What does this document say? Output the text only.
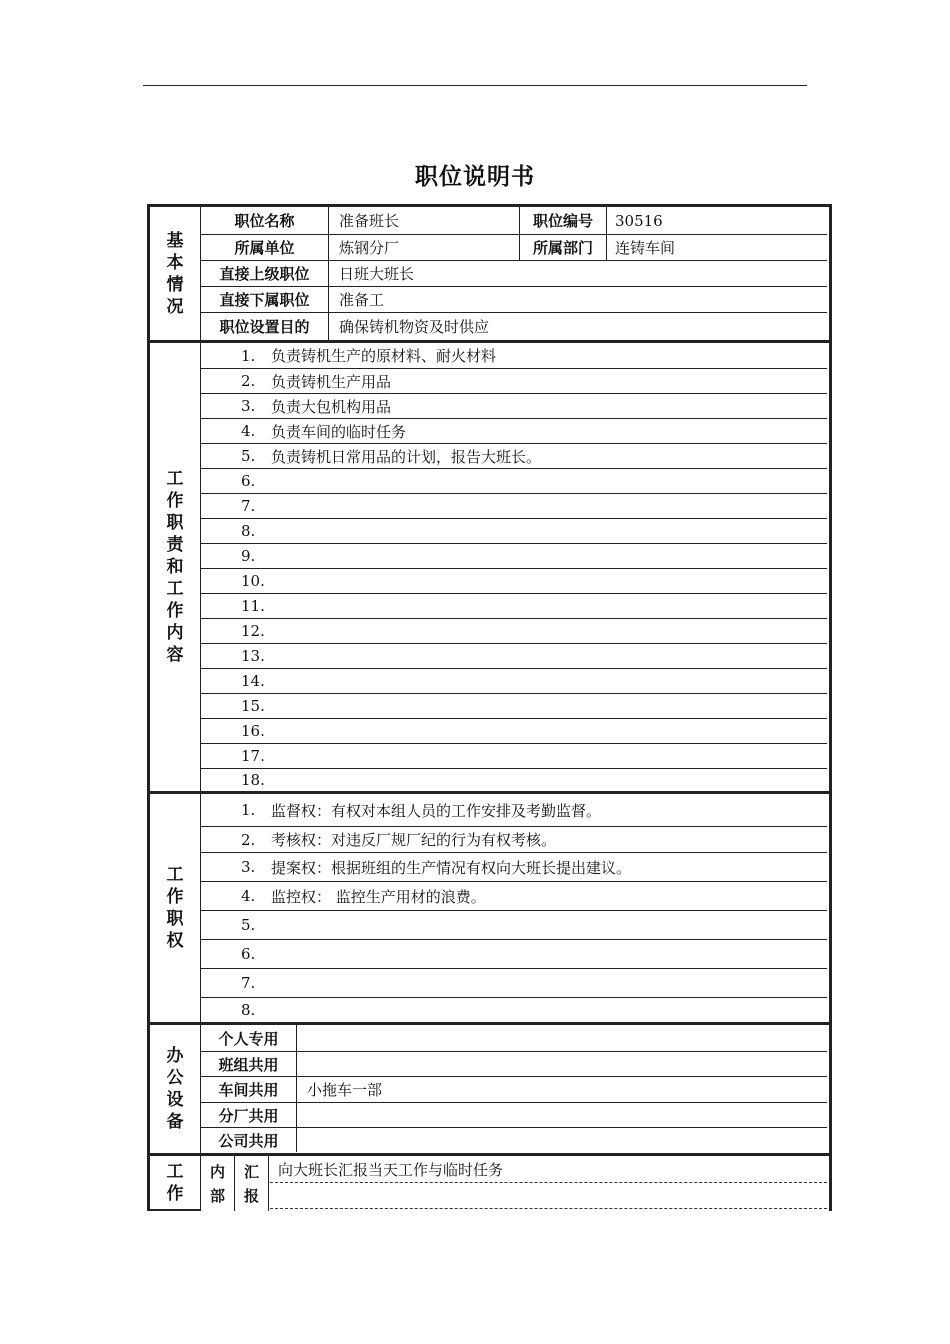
职位说明书
基
本
情
况
职位名称	准备班长	职位编号	30516
所属单位	炼钢分厂	所属部门	连铸车间
直接上级职位	日班大班长
直接下属职位	准备工
职位设置目的	确保铸机物资及时供应
工
作
职
责
和
工
作
内
容
1.	负责铸机生产的原材料、耐火材料
2.	负责铸机生产用品
3.	负责大包机构用品
4.	负责车间的临时任务
5.	负责铸机日常用品的计划，报告大班长。
6.
7.
8.
9.
10.
11.
12.
13.
14.
15.
16.
17.
18.
工
作
职
权
1.	监督权：有权对本组人员的工作安排及考勤监督。
2.	考核权：对违反厂规厂纪的行为有权考核。
3.	提案权：根据班组的生产情况有权向大班长提出建议。
4.	监控权： 监控生产用材的浪费。
5.
6.
7.
8.
办
公
设
备
个人专用
班组共用
车间共用	小拖车一部
分厂共用
公司共用
工
作
内
部
汇
报
向大班长汇报当天工作与临时任务
